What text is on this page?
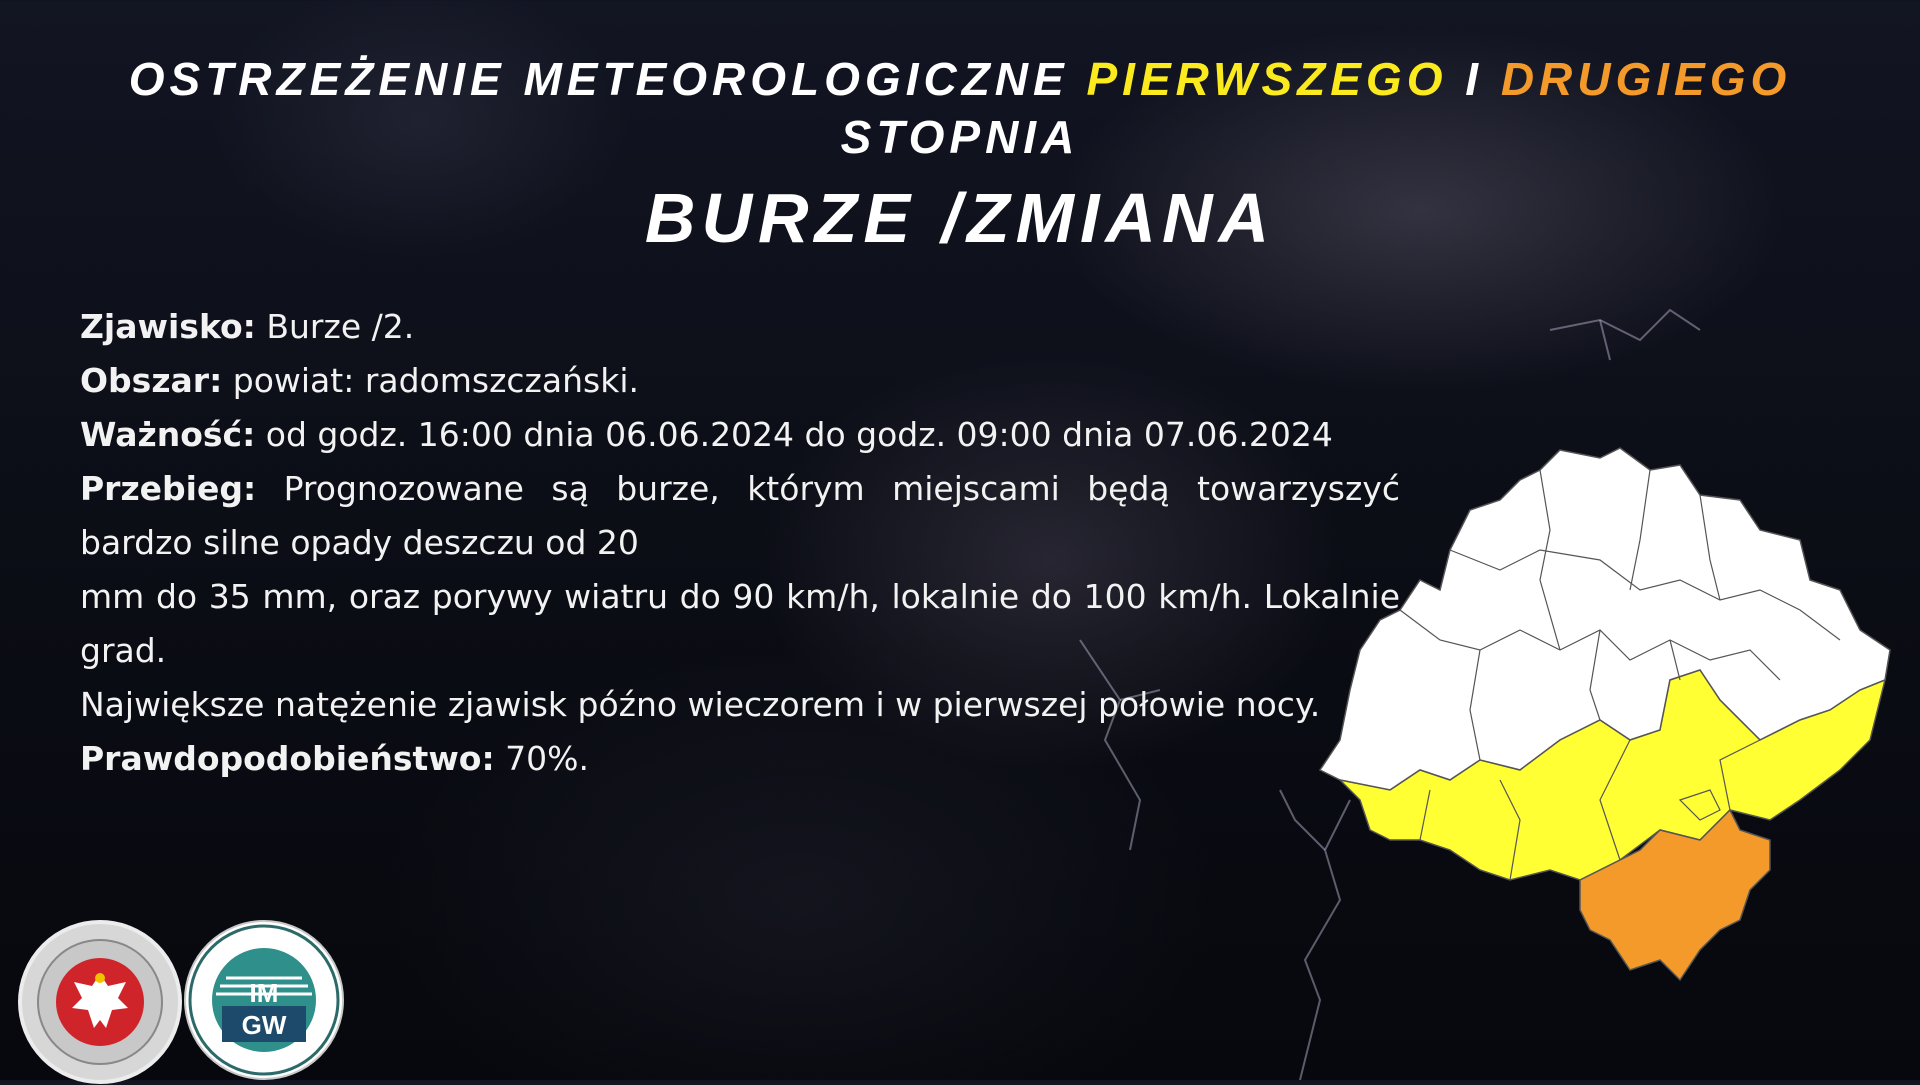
OSTRZEŻENIE METEOROLOGICZNE PIERWSZEGO I DRUGIEGO
STOPNIA
BURZE /ZMIANA
Zjawisko: Burze /2.
Obszar: powiat: radomszczański.
Ważność: od godz. 16:00 dnia 06.06.2024 do godz. 09:00 dnia 07.06.2024
Przebieg: Prognozowane są burze, którym miejscami będą towarzyszyć bardzo silne opady deszczu od 20
mm do 35 mm, oraz porywy wiatru do 90 km/h, lokalnie do 100 km/h. Lokalnie grad.
Największe natężenie zjawisk późno wieczorem i w pierwszej połowie nocy.
Prawdopodobieństwo: 70%.
IM
GW
